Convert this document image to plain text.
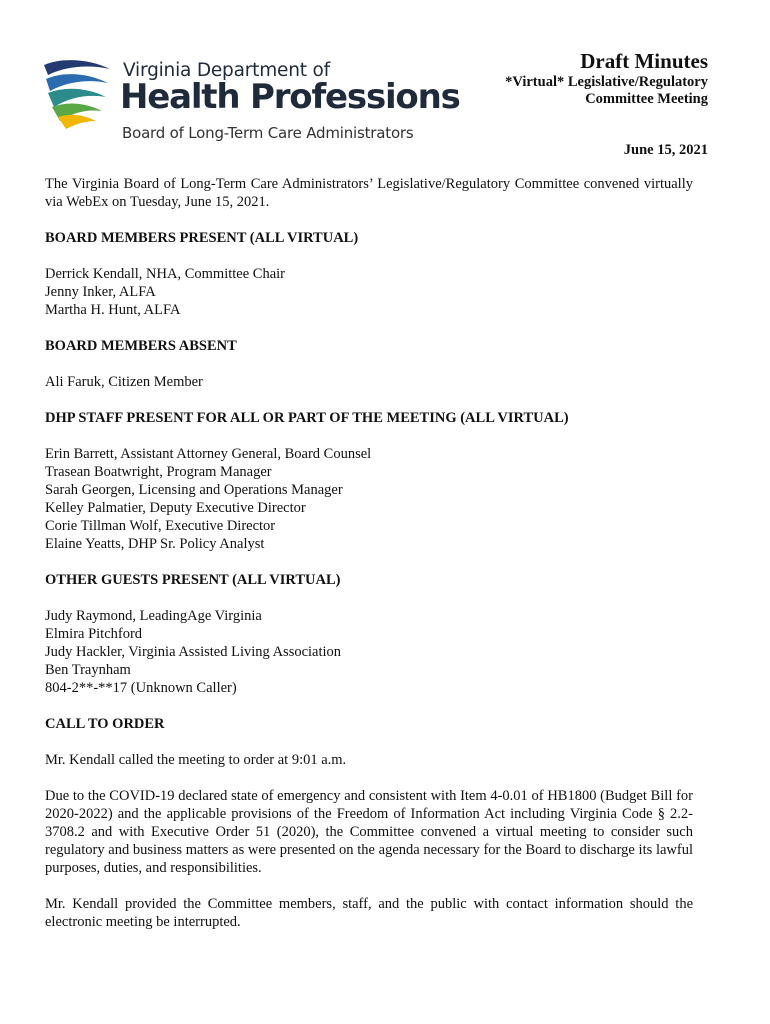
Virginia Department of
Health Professions
Board of Long-Term Care Administrators
Draft Minutes
*Virtual* Legislative/Regulatory
Committee Meeting
June 15, 2021

The Virginia Board of Long-Term Care Administrators’ Legislative/Regulatory Committee convened virtually via WebEx on Tuesday, June 15, 2021.

BOARD MEMBERS PRESENT (ALL VIRTUAL)

Derrick Kendall, NHA, Committee Chair
Jenny Inker, ALFA
Martha H. Hunt, ALFA

BOARD MEMBERS ABSENT

Ali Faruk, Citizen Member

DHP STAFF PRESENT FOR ALL OR PART OF THE MEETING (ALL VIRTUAL)

Erin Barrett, Assistant Attorney General, Board Counsel
Trasean Boatwright, Program Manager
Sarah Georgen, Licensing and Operations Manager
Kelley Palmatier, Deputy Executive Director
Corie Tillman Wolf, Executive Director
Elaine Yeatts, DHP Sr. Policy Analyst

OTHER GUESTS PRESENT (ALL VIRTUAL)

Judy Raymond, LeadingAge Virginia
Elmira Pitchford
Judy Hackler, Virginia Assisted Living Association
Ben Traynham
804-2**-**17 (Unknown Caller)

CALL TO ORDER

Mr. Kendall called the meeting to order at 9:01 a.m.

Due to the COVID-19 declared state of emergency and consistent with Item 4-0.01 of HB1800 (Budget Bill for 2020-2022) and the applicable provisions of the Freedom of Information Act including Virginia Code § 2.2-3708.2 and with Executive Order 51 (2020), the Committee convened a virtual meeting to consider such regulatory and business matters as were presented on the agenda necessary for the Board to discharge its lawful purposes, duties, and responsibilities.

Mr. Kendall provided the Committee members, staff, and the public with contact information should the electronic meeting be interrupted.
